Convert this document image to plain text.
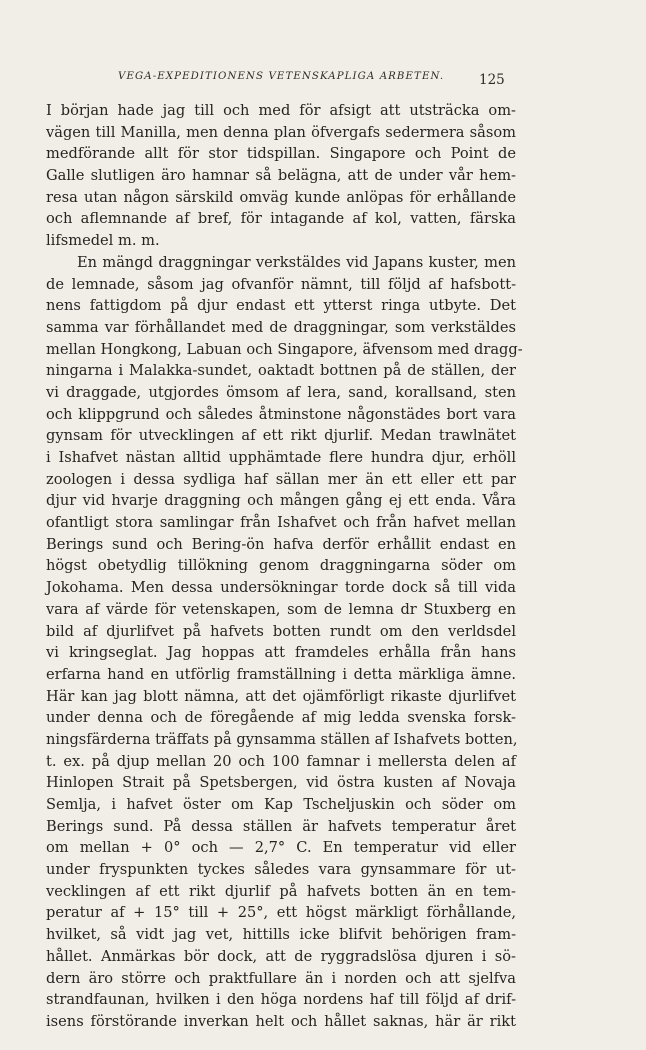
VEGA-EXPEDITIONENS VETENSKAPLIGA ARBETEN.	125
I början hade jag till och med för afsigt att utsträcka om-
vägen till Manilla, men denna plan öfvergafs sedermera såsom
medförande allt för stor tidspillan. Singapore och Point de
Galle slutligen äro hamnar så belägna, att de under vår hem-
resa utan någon särskild omväg kunde anlöpas för erhållande
och aflemnande af bref, för intagande af kol, vatten, färska
lifsmedel m. m.
En mängd draggningar verkstäldes vid Japans kuster, men
de lemnade, såsom jag ofvanför nämnt, till följd af hafsbott-
nens fattigdom på djur endast ett ytterst ringa utbyte. Det
samma var förhållandet med de draggningar, som verkstäldes
mellan Hongkong, Labuan och Singapore, äfvensom med dragg-
ningarna i Malakka-sundet, oaktadt bottnen på de ställen, der
vi draggade, utgjordes ömsom af lera, sand, korallsand, sten
och klippgrund och således åtminstone någonstädes bort vara
gynsam för utvecklingen af ett rikt djurlif. Medan trawlnätet
i Ishafvet nästan alltid upphämtade flere hundra djur, erhöll
zoologen i dessa sydliga haf sällan mer än ett eller ett par
djur vid hvarje draggning och mången gång ej ett enda. Våra
ofantligt stora samlingar från Ishafvet och från hafvet mellan
Berings sund och Bering-ön hafva derför erhållit endast en
högst obetydlig tillökning genom draggningarna söder om
Jokohama. Men dessa undersökningar torde dock så till vida
vara af värde för vetenskapen, som de lemna dr Stuxberg en
bild af djurlifvet på hafvets botten rundt om den verldsdel
vi kringseglat. Jag hoppas att framdeles erhålla från hans
erfarna hand en utförlig framställning i detta märkliga ämne.
Här kan jag blott nämna, att det ojämförligt rikaste djurlifvet
under denna och de föregående af mig ledda svenska forsk-
ningsfärderna träffats på gynsamma ställen af Ishafvets botten,
t. ex. på djup mellan 20 och 100 famnar i mellersta delen af
Hinlopen Strait på Spetsbergen, vid östra kusten af Novaja
Semlja, i hafvet öster om Kap Tscheljuskin och söder om
Berings sund. På dessa ställen är hafvets temperatur året
om mellan + 0° och — 2,7° C. En temperatur vid eller
under fryspunkten tyckes således vara gynsammare för ut-
vecklingen af ett rikt djurlif på hafvets botten än en tem-
peratur af + 15° till + 25°, ett högst märkligt förhållande,
hvilket, så vidt jag vet, hittills icke blifvit behörigen fram-
hållet. Anmärkas bör dock, att de ryggradslösa djuren i sö-
dern äro större och praktfullare än i norden och att sjelfva
strandfaunan, hvilken i den höga nordens haf till följd af drif-
isens förstörande inverkan helt och hållet saknas, här är rikt
